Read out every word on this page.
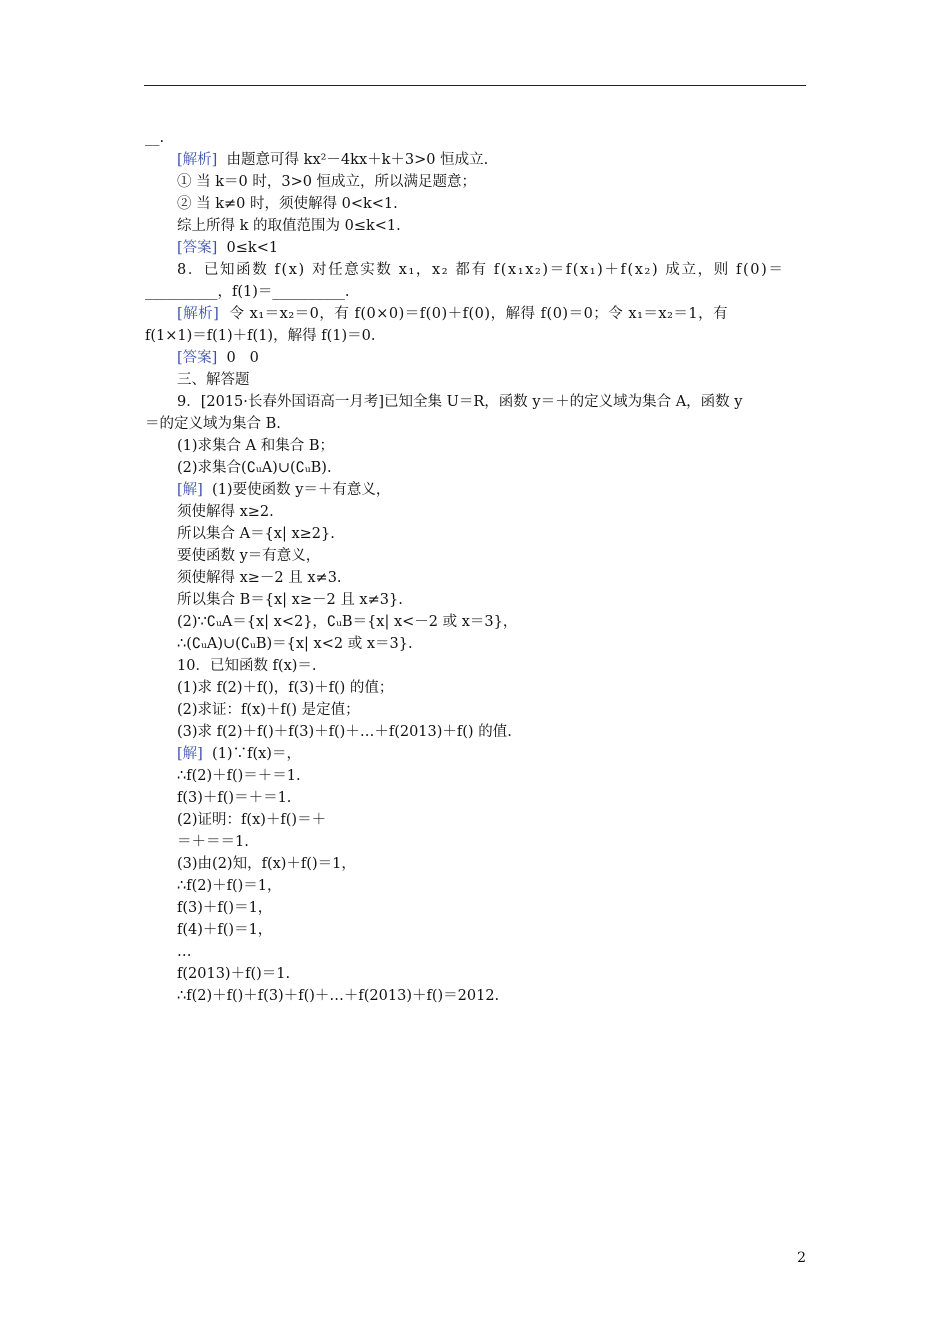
__.
[解析]  由题意可得 kx²－4kx＋k＋3>0 恒成立.
① 当 k＝0 时，3>0 恒成立，所以满足题意；
② 当 k≠0 时，须使解得 0<k<1.
综上所得 k 的取值范围为 0≤k<1.
[答案]  0≤k<1
8．已知函数 f(x) 对任意实数 x₁，x₂ 都有 f(x₁x₂)＝f(x₁)＋f(x₂) 成立，则 f(0)＝
__________，f(1)＝__________.
[解析]  令 x₁＝x₂＝0，有 f(0×0)＝f(0)＋f(0)，解得 f(0)＝0；令 x₁＝x₂＝1，有
f(1×1)＝f(1)＋f(1)，解得 f(1)＝0.
[答案]  0   0
三、解答题
9．[2015·长春外国语高一月考]已知全集 U＝R，函数 y＝＋的定义域为集合 A，函数 y
＝的定义域为集合 B.
(1)求集合 A 和集合 B；
(2)求集合(∁ᵤA)∪(∁ᵤB).
[解]  (1)要使函数 y＝＋有意义，
须使解得 x≥2.
所以集合 A＝{x| x≥2}.
要使函数 y＝有意义，
须使解得 x≥－2 且 x≠3.
所以集合 B＝{x| x≥－2 且 x≠3}.
(2)∵∁ᵤA＝{x| x<2}，∁ᵤB＝{x| x<－2 或 x＝3}，
∴(∁ᵤA)∪(∁ᵤB)＝{x| x<2 或 x＝3}.
10．已知函数 f(x)＝.
(1)求 f(2)＋f()，f(3)＋f() 的值；
(2)求证：f(x)＋f() 是定值；
(3)求 f(2)＋f()＋f(3)＋f()＋…＋f(2013)＋f() 的值.
[解]  (1)∵f(x)＝，
∴f(2)＋f()＝＋＝1.
f(3)＋f()＝＋＝1.
(2)证明：f(x)＋f()＝＋
＝＋＝＝1.
(3)由(2)知，f(x)＋f()＝1，
∴f(2)＋f()＝1，
f(3)＋f()＝1，
f(4)＋f()＝1，
…
f(2013)＋f()＝1.
∴f(2)＋f()＋f(3)＋f()＋…＋f(2013)＋f()＝2012.
2
